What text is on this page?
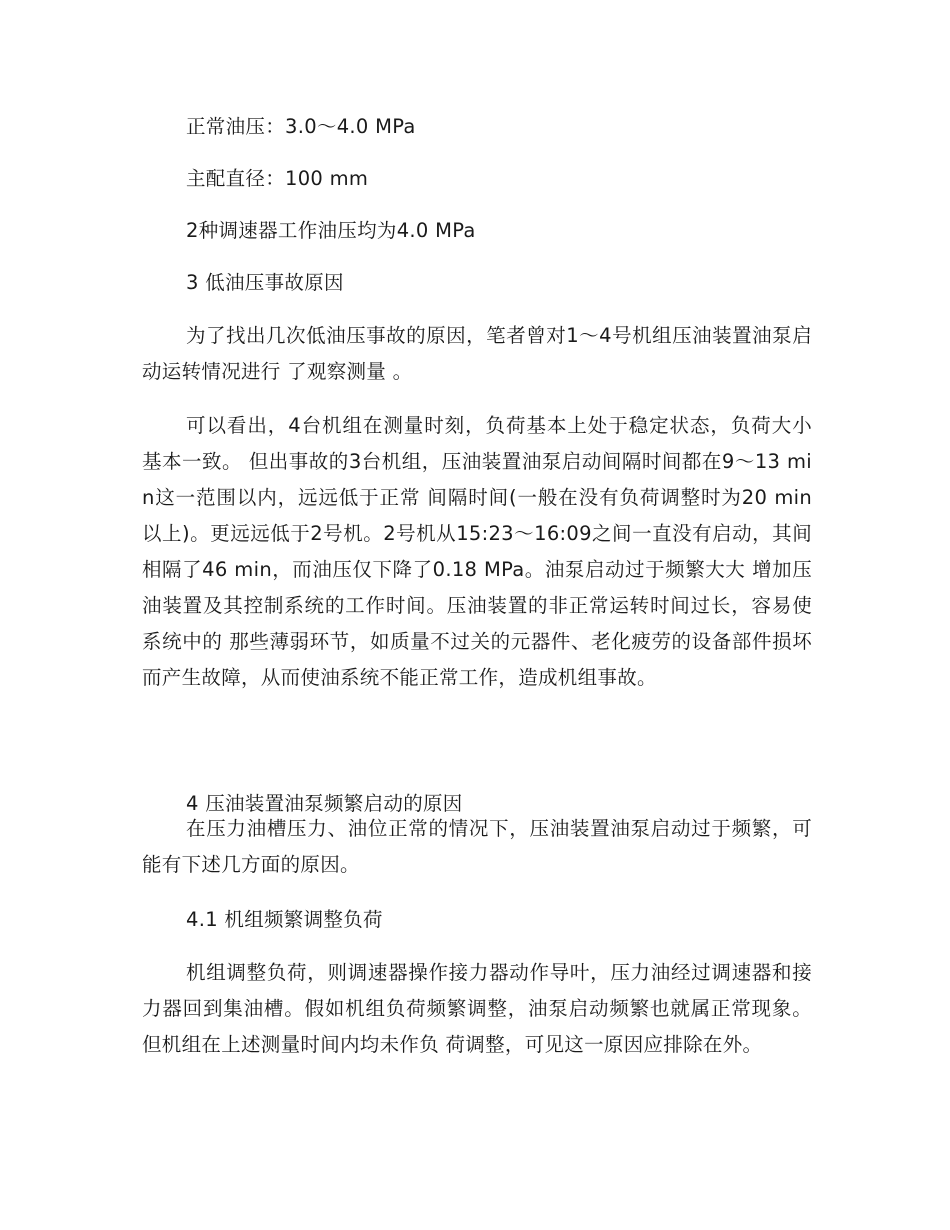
正常油压：3.0～4.0 MPa
主配直径：100 mm
2种调速器工作油压均为4.0 MPa
3 低油压事故原因
为了找出几次低油压事故的原因，笔者曾对1～4号机组压油装置油泵启动运转情况进行 了观察测量 。
可以看出，4台机组在测量时刻，负荷基本上处于稳定状态，负荷大小基本一致。 但出事故的3台机组，压油装置油泵启动间隔时间都在9～13 min这一范围以内，远远低于正常 间隔时间(一般在没有负荷调整时为20 min以上)。更远远低于2号机。2号机从15:23～16:09之间一直没有启动，其间相隔了46 min，而油压仅下降了0.18 MPa。油泵启动过于频繁大大 增加压油装置及其控制系统的工作时间。压油装置的非正常运转时间过长，容易使系统中的 那些薄弱环节，如质量不过关的元器件、老化疲劳的设备部件损坏而产生故障，从而使油系统不能正常工作，造成机组事故。
4 压油装置油泵频繁启动的原因
在压力油槽压力、油位正常的情况下，压油装置油泵启动过于频繁，可能有下述几方面的原因。
4.1 机组频繁调整负荷
机组调整负荷，则调速器操作接力器动作导叶，压力油经过调速器和接力器回到集油槽。假如机组负荷频繁调整，油泵启动频繁也就属正常现象。但机组在上述测量时间内均未作负 荷调整，可见这一原因应排除在外。
